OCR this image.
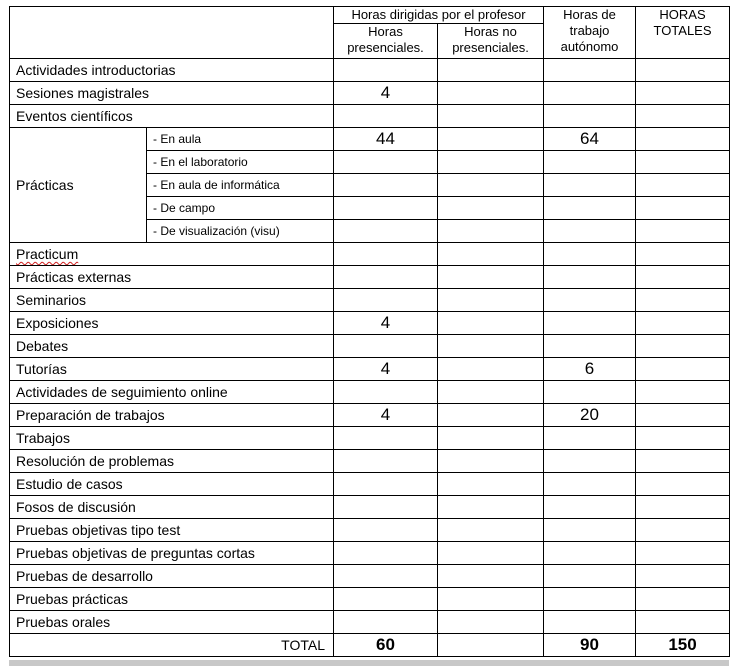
		Horas dirigidas por el profesor		Horas de trabajo autónomo	HORAS TOTALES
		Horas presenciales.	Horas no presenciales.		
Actividades introductorias					
Sesiones magistrales		4			
Eventos científicos					
Prácticas	- En aula	44		64	
	- En el laboratorio				
	- En aula de informática				
	- De campo				
	- De visualización (visu)				
Practicum					
Prácticas externas					
Seminarios					
Exposiciones		4			
Debates					
Tutorías		4		6	
Actividades de seguimiento online					
Preparación de trabajos		4		20	
Trabajos					
Resolución de problemas					
Estudio de casos					
Fosos de discusión					
Pruebas objetivas tipo test					
Pruebas objetivas de preguntas cortas					
Pruebas de desarrollo					
Pruebas prácticas					
Pruebas orales					
TOTAL		60		90	150
